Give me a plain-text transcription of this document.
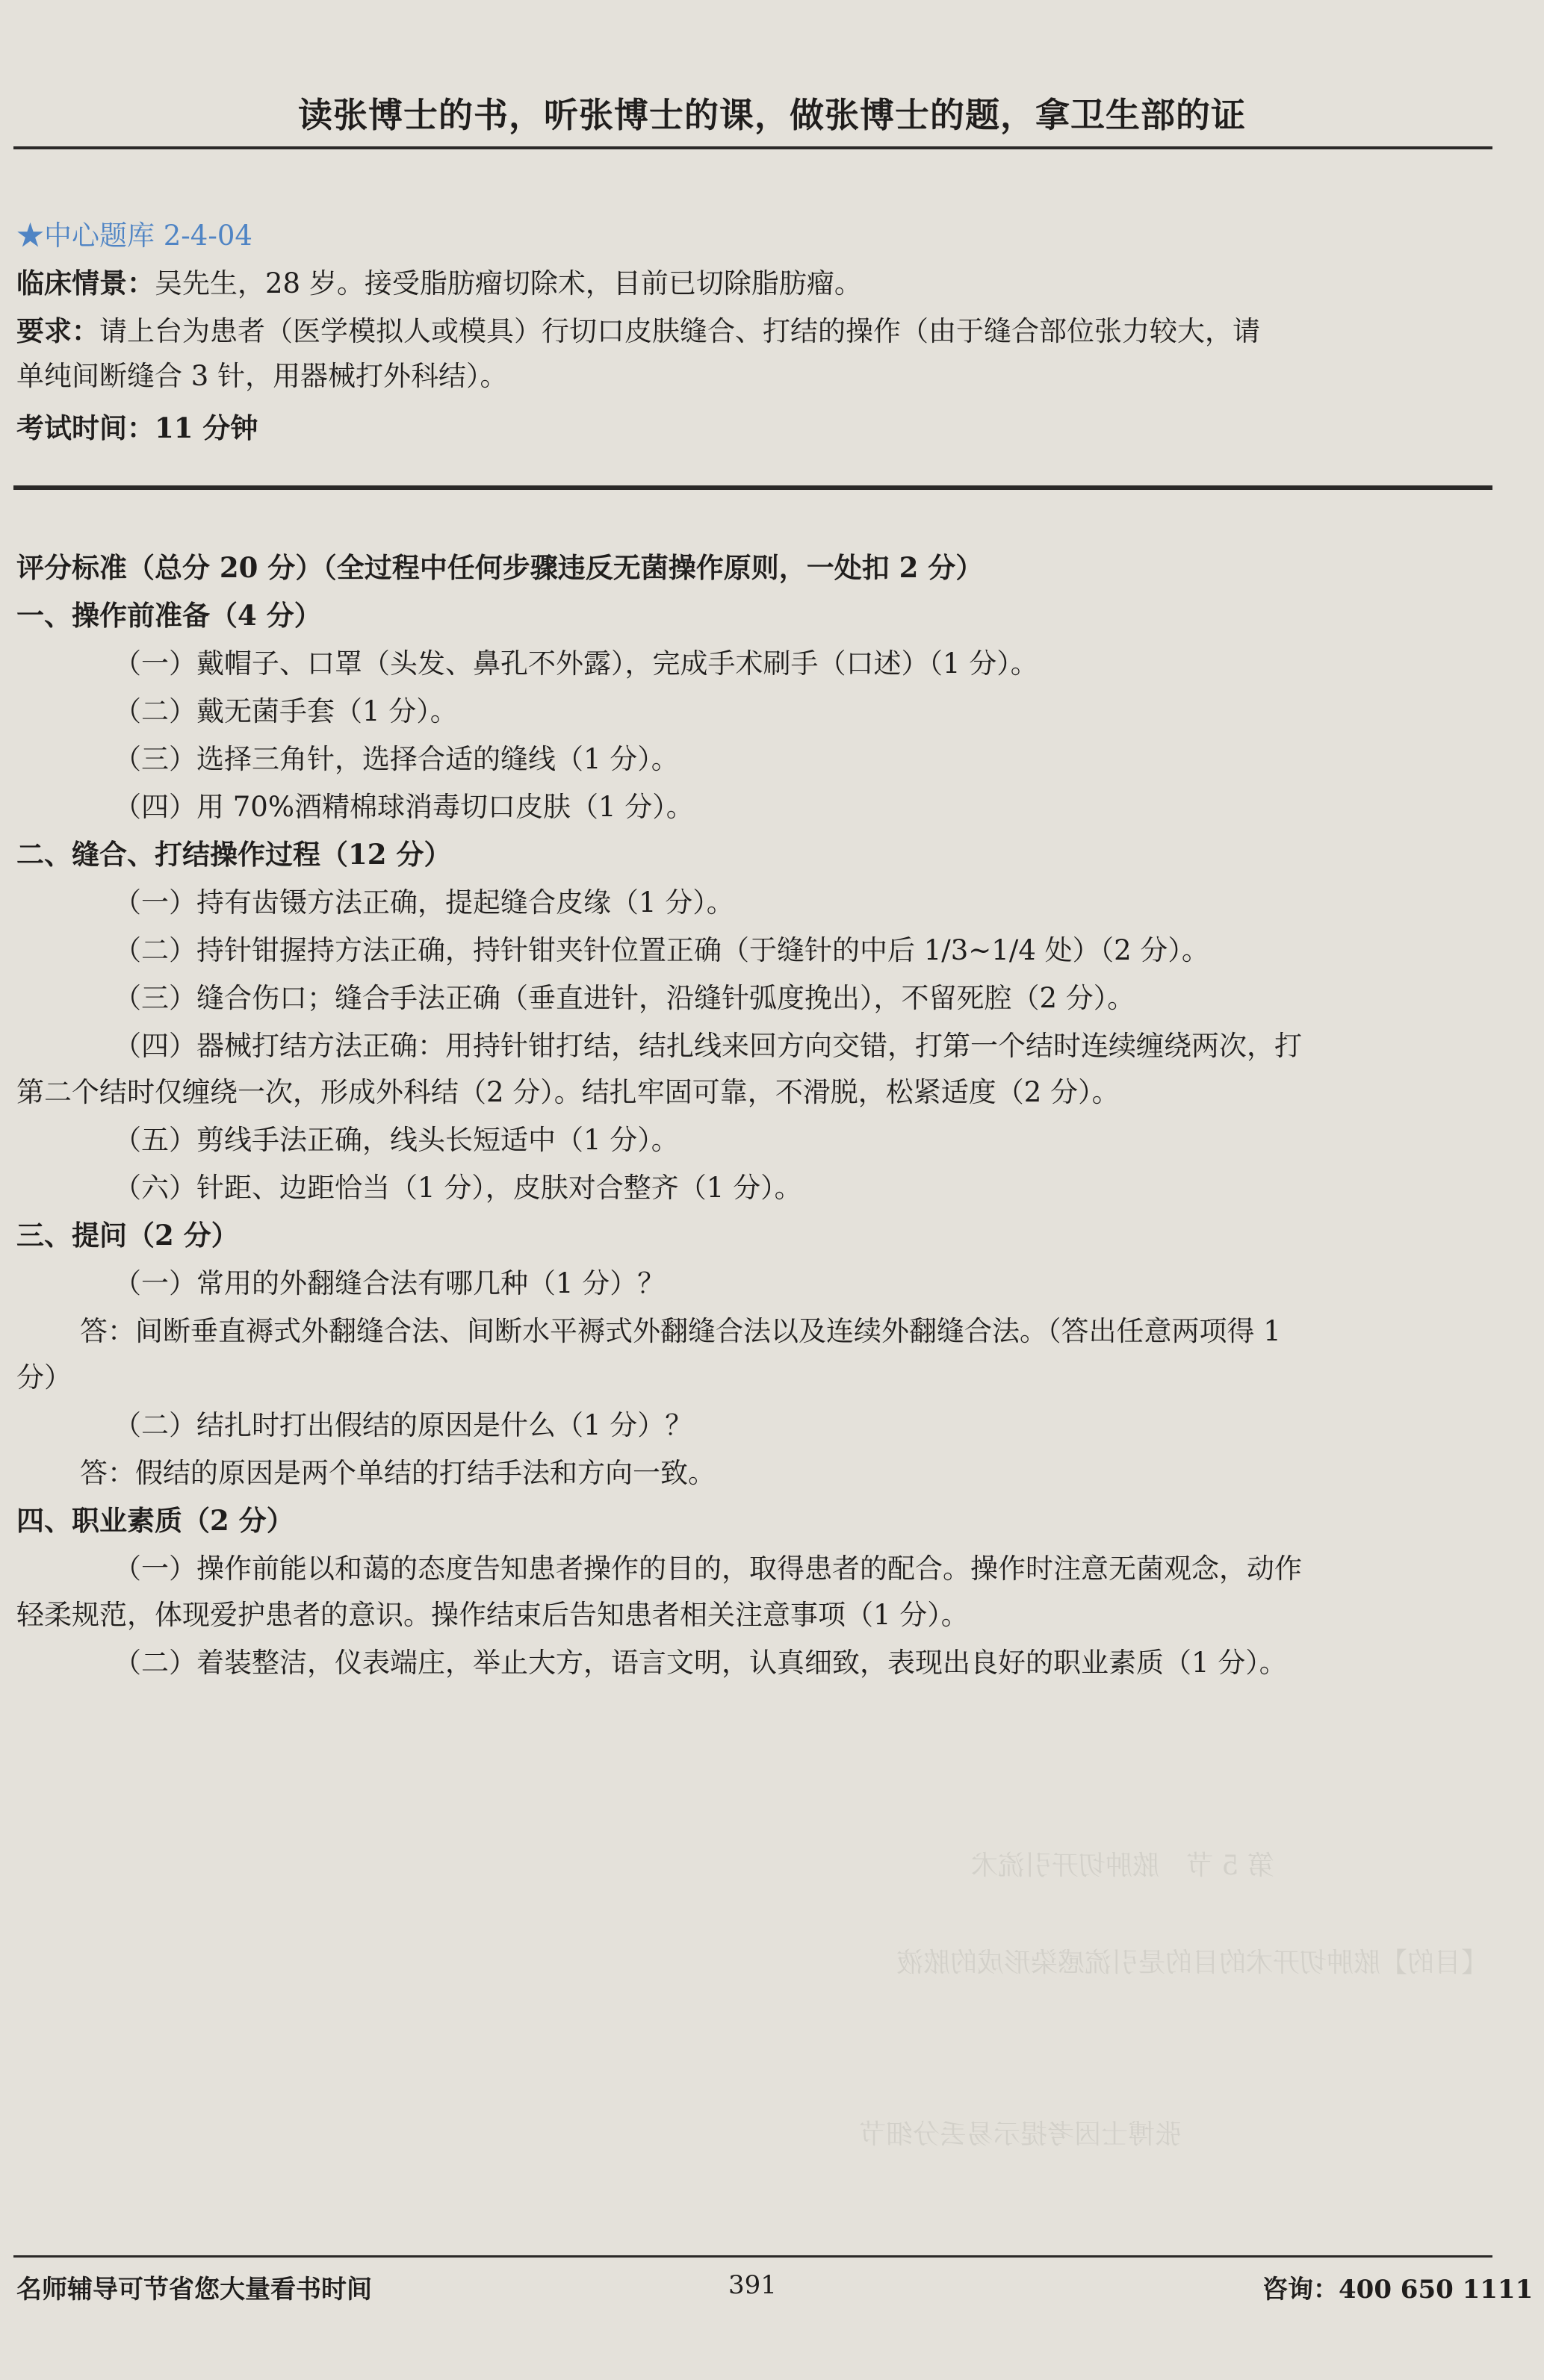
第 5 节　脓肿切开引流术
【目的】脓肿切开术的目的是引流感染形成的脓液
张博士因考提示易丢分细节
读张博士的书，听张博士的课，做张博士的题，拿卫生部的证
★中心题库 2-4-04
临床情景：吴先生，28 岁。接受脂肪瘤切除术，目前已切除脂肪瘤。
要求：请上台为患者（医学模拟人或模具）行切口皮肤缝合、打结的操作（由于缝合部位张力较大，请
单纯间断缝合 3 针，用器械打外科结）。
考试时间：11 分钟
评分标准（总分 20 分）（全过程中任何步骤违反无菌操作原则，一处扣 2 分）
一、操作前准备（4 分）
（一）戴帽子、口罩（头发、鼻孔不外露），完成手术刷手（口述）（1 分）。
（二）戴无菌手套（1 分）。
（三）选择三角针，选择合适的缝线（1 分）。
（四）用 70%酒精棉球消毒切口皮肤（1 分）。
二、缝合、打结操作过程（12 分）
（一）持有齿镊方法正确，提起缝合皮缘（1 分）。
（二）持针钳握持方法正确，持针钳夹针位置正确（于缝针的中后 1/3~1/4 处）（2 分）。
（三）缝合伤口；缝合手法正确（垂直进针，沿缝针弧度挽出），不留死腔（2 分）。
（四）器械打结方法正确：用持针钳打结，结扎线来回方向交错，打第一个结时连续缠绕两次，打
第二个结时仅缠绕一次，形成外科结（2 分）。结扎牢固可靠，不滑脱，松紧适度（2 分）。
（五）剪线手法正确，线头长短适中（1 分）。
（六）针距、边距恰当（1 分），皮肤对合整齐（1 分）。
三、提问（2 分）
（一）常用的外翻缝合法有哪几种（1 分）？
答：间断垂直褥式外翻缝合法、间断水平褥式外翻缝合法以及连续外翻缝合法。（答出任意两项得 1
分）
（二）结扎时打出假结的原因是什么（1 分）？
答：假结的原因是两个单结的打结手法和方向一致。
四、职业素质（2 分）
（一）操作前能以和蔼的态度告知患者操作的目的，取得患者的配合。操作时注意无菌观念，动作
轻柔规范，体现爱护患者的意识。操作结束后告知患者相关注意事项（1 分）。
（二）着装整洁，仪表端庄，举止大方，语言文明，认真细致，表现出良好的职业素质（1 分）。
名师辅导可节省您大量看书时间	391	咨询：400 650 1111
